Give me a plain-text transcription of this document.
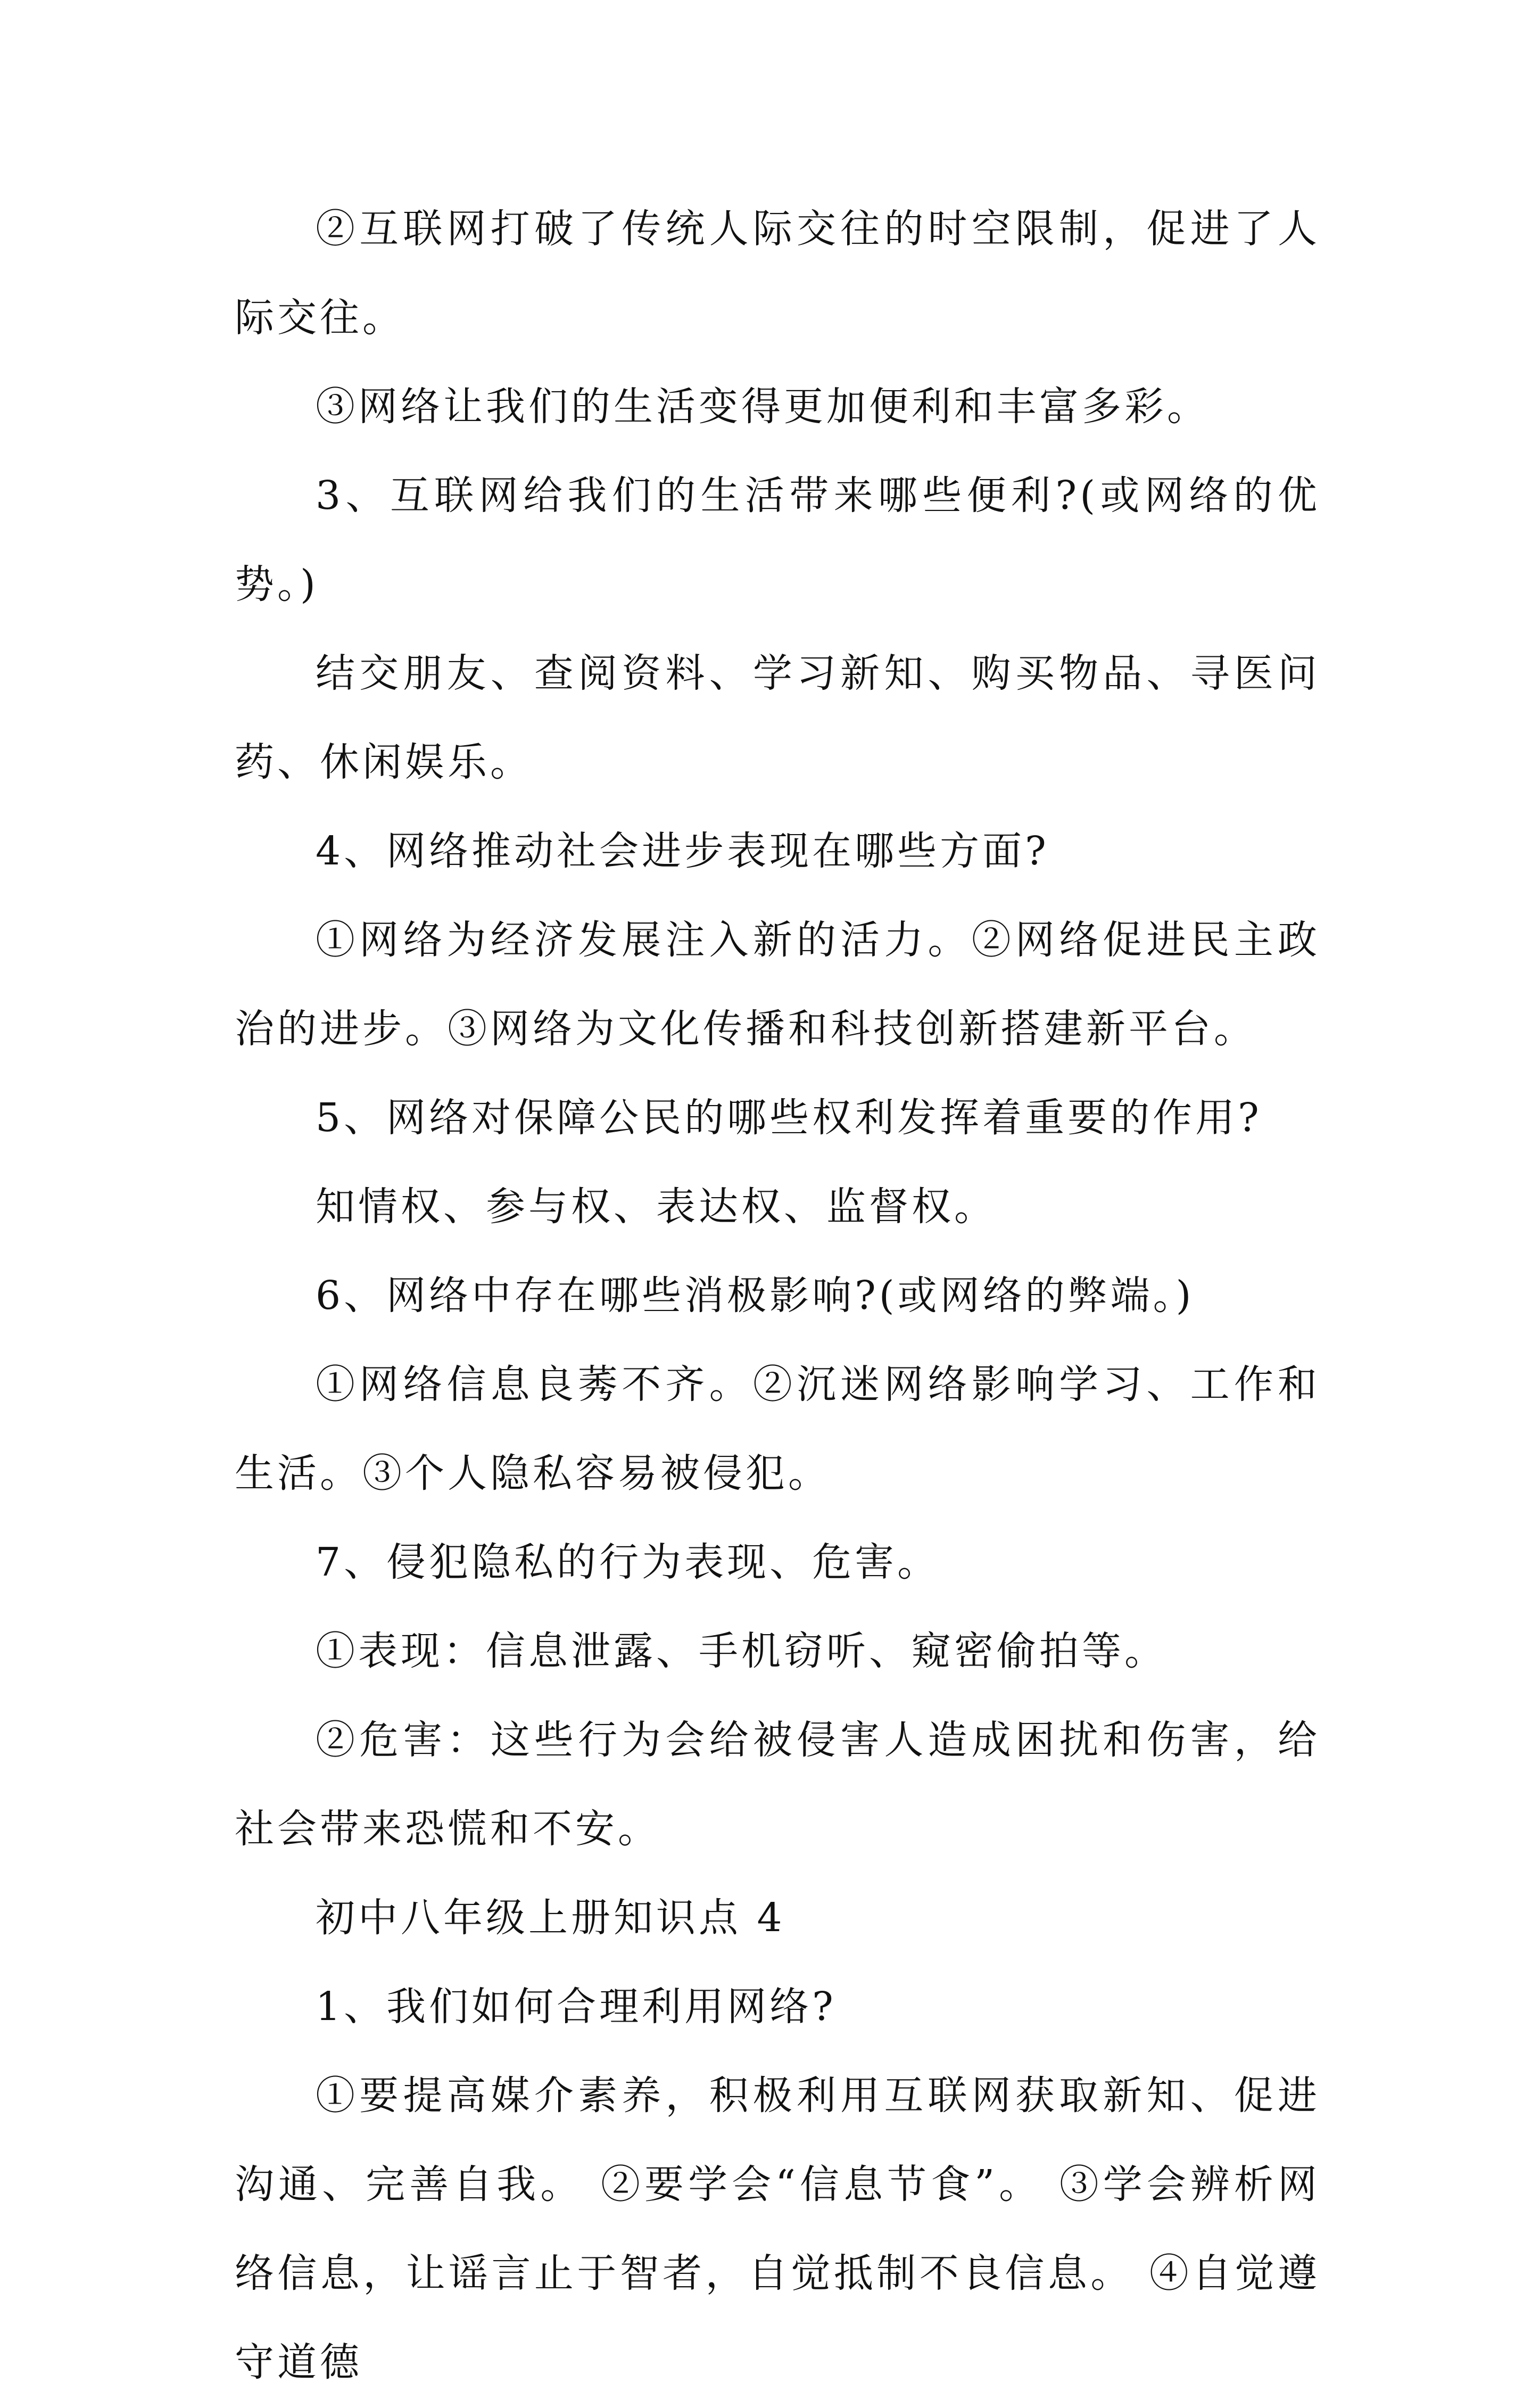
②互联网打破了传统人际交往的时空限制，促进了人际交往。

③网络让我们的生活变得更加便利和丰富多彩。

3、互联网给我们的生活带来哪些便利?(或网络的优势。)

结交朋友、查阅资料、学习新知、购买物品、寻医问药、休闲娱乐。

4、网络推动社会进步表现在哪些方面?

①网络为经济发展注入新的活力。②网络促进民主政治的进步。③网络为文化传播和科技创新搭建新平台。

5、网络对保障公民的哪些权利发挥着重要的作用?

知情权、参与权、表达权、监督权。

6、网络中存在哪些消极影响?(或网络的弊端。)

①网络信息良莠不齐。②沉迷网络影响学习、工作和生活。③个人隐私容易被侵犯。

7、侵犯隐私的行为表现、危害。

①表现：信息泄露、手机窃听、窥密偷拍等。

②危害：这些行为会给被侵害人造成困扰和伤害，给社会带来恐慌和不安。

初中八年级上册知识点 4

1、我们如何合理利用网络?

①要提高媒介素养，积极利用互联网获取新知、促进沟通、完善自我。 ②要学会“信息节食”。 ③学会辨析网络信息，让谣言止于智者，自觉抵制不良信息。 ④自觉遵守道德
